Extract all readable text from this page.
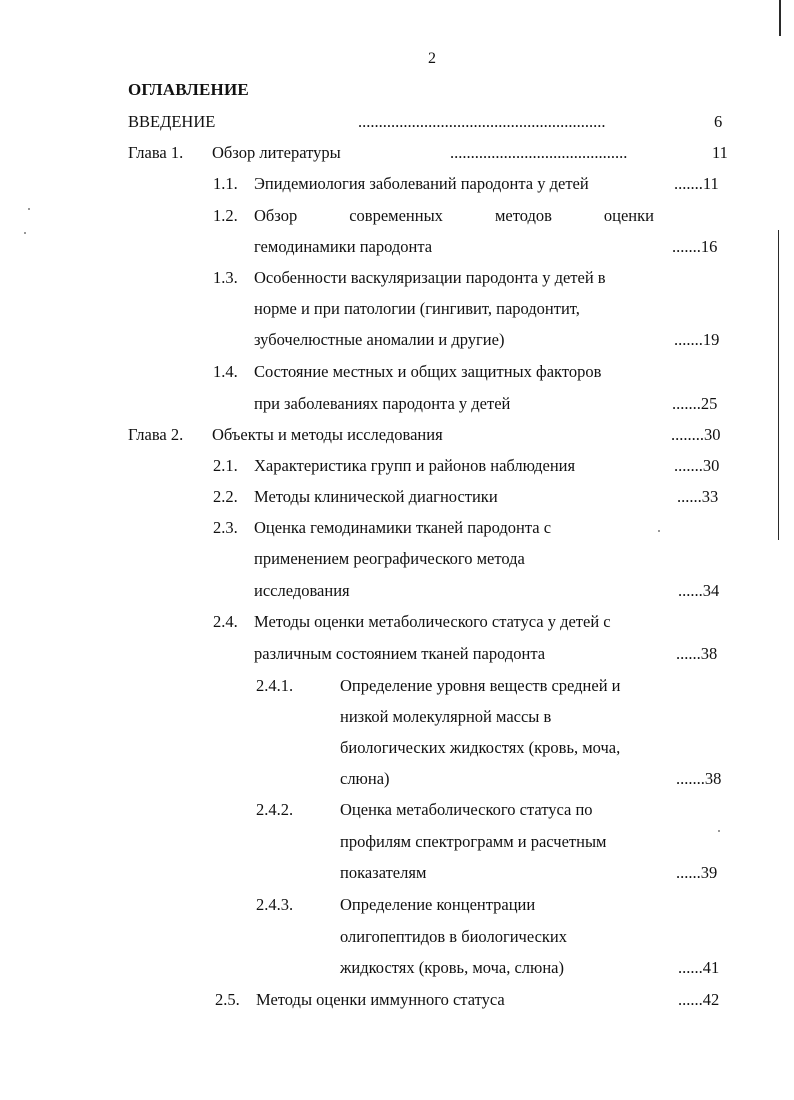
2
ОГЛАВЛЕНИЕ
ВВЕДЕНИЕ	............................................................	6
Глава 1. Обзор литературы	...........................................	11
1.1. Эпидемиология заболеваний пародонта у детей	.......11
1.2. Обзор	современных	методов	оценки
гемодинамики пародонта	.......16
1.3. Особенности васкуляризации пародонта у детей в
норме и при патологии (гингивит, пародонтит,
зубочелюстные аномалии и другие)	.......19
1.4. Состояние местных и общих защитных факторов
при заболеваниях пародонта у детей	.......25
Глава 2. Объекты и методы исследования	........30
2.1. Характеристика групп и районов наблюдения	.......30
2.2. Методы клинической диагностики	......33
2.3. Оценка гемодинамики тканей пародонта с
применением реографического метода
исследования	......34
2.4. Методы оценки метаболического статуса у детей с
различным состоянием тканей пародонта	......38
2.4.1.	Определение уровня веществ средней и
низкой молекулярной массы в
биологических жидкостях (кровь, моча,
слюна)	.......38
2.4.2.	Оценка метаболического статуса по
профилям спектрограмм и расчетным
показателям	......39
2.4.3.	Определение концентрации
олигопептидов в биологических
жидкостях (кровь, моча, слюна)	......41
2.5. Методы оценки иммунного статуса	......42
